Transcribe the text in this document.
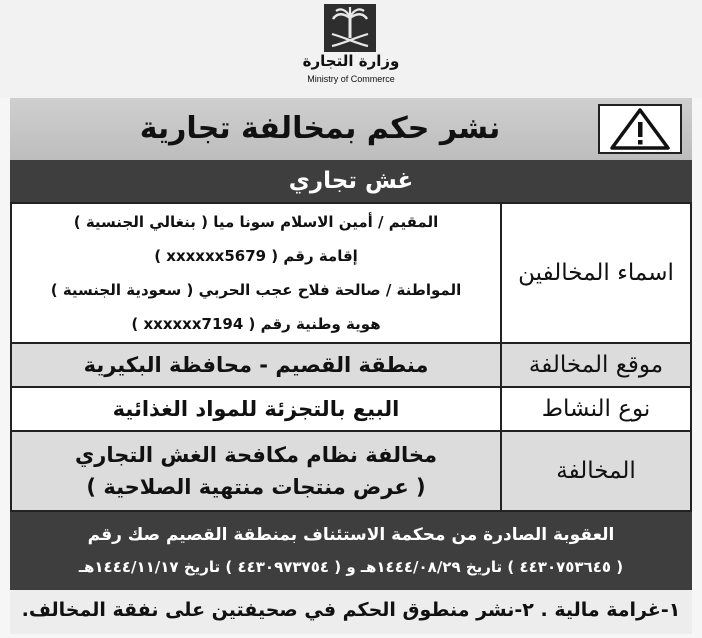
وزارة التجارة
Ministry of Commerce
نشر حكم بمخالفة تجارية
غش تجاري
اسماء المخالفين
المقيم / أمين الاسلام سونا ميا ( بنغالي الجنسية )
إقامة رقم ( xxxxxx5679 )
المواطنة / صالحة فلاح عجب الحربي ( سعودية الجنسية )
هوية وطنية رقم ( xxxxxx7194 )
موقع المخالفة
منطقة القصيم - محافظة البكيرية
نوع النشاط
البيع بالتجزئة للمواد الغذائية
المخالفة
مخالفة نظام مكافحة الغش التجاري
( عرض منتجات منتهية الصلاحية )
العقوبة الصادرة من محكمة الاستئناف بمنطقة القصيم صك رقم
( ٤٤٣٠٧٥٣٦٤٥ ) تاريخ ١٤٤٤/٠٨/٢٩هـ و ( ٤٤٣٠٩٧٣٧٥٤ ) تاريخ ١٤٤٤/١١/١٧هـ
١-غرامة مالية . ٢-نشر منطوق الحكم في صحيفتين على نفقة المخالف.
